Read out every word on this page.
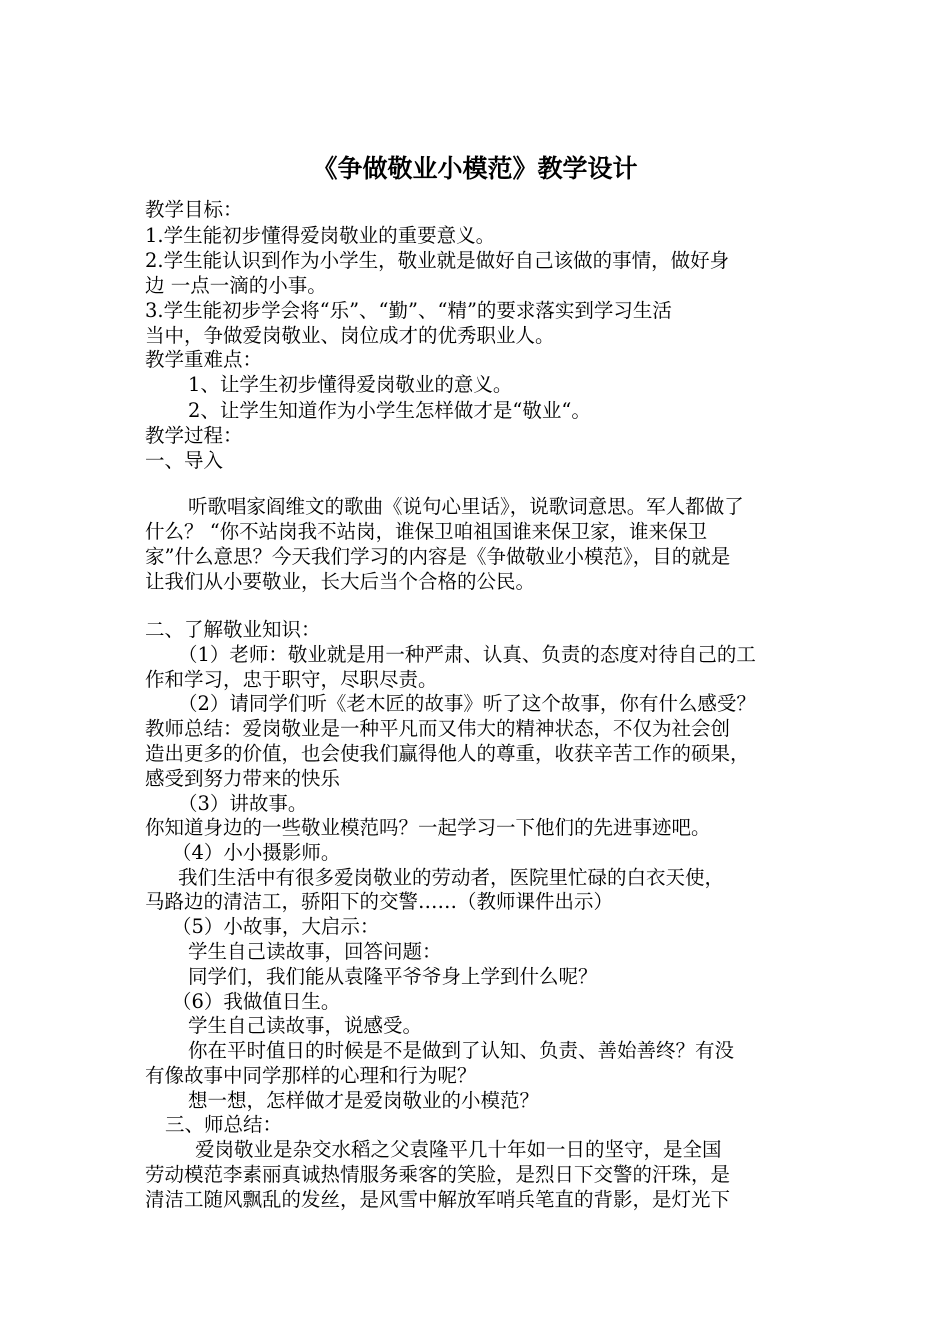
《争做敬业小模范》教学设计
教学目标：
1.学生能初步懂得爱岗敬业的重要意义。
2.学生能认识到作为小学生，敬业就是做好自己该做的事情，做好身
边 一点一滴的小事。
3.学生能初步学会将“乐”、“勤”、“精”的要求落实到学习生活
当中，争做爱岗敬业、岗位成才的优秀职业人。
教学重难点：
1、让学生初步懂得爱岗敬业的意义。
2、让学生知道作为小学生怎样做才是“敬业“。
教学过程：
一、导入
听歌唱家阎维文的歌曲《说句心里话》，说歌词意思。军人都做了
什么？ “你不站岗我不站岗，谁保卫咱祖国谁来保卫家，谁来保卫
家”什么意思？今天我们学习的内容是《争做敬业小模范》，目的就是
让我们从小要敬业，长大后当个合格的公民。
二、了解敬业知识：
（1）老师：敬业就是用一种严肃、认真、负责的态度对待自己的工
作和学习，忠于职守，尽职尽责。
（2）请同学们听《老木匠的故事》听了这个故事，你有什么感受？
教师总结：爱岗敬业是一种平凡而又伟大的精神状态，不仅为社会创
造出更多的价值，也会使我们赢得他人的尊重，收获辛苦工作的硕果，
感受到努力带来的快乐
（3）讲故事。
你知道身边的一些敬业模范吗？一起学习一下他们的先进事迹吧。
（4）小小摄影师。
我们生活中有很多爱岗敬业的劳动者，医院里忙碌的白衣天使，
马路边的清洁工，骄阳下的交警……（教师课件出示）
（5）小故事，大启示：
学生自己读故事，回答问题：
同学们，我们能从袁隆平爷爷身上学到什么呢？
（6）我做值日生。
学生自己读故事，说感受。
你在平时值日的时候是不是做到了认知、负责、善始善终？有没
有像故事中同学那样的心理和行为呢？
想一想，怎样做才是爱岗敬业的小模范？
三、师总结：
爱岗敬业是杂交水稻之父袁隆平几十年如一日的坚守，是全国
劳动模范李素丽真诚热情服务乘客的笑脸，是烈日下交警的汗珠，是
清洁工随风飘乱的发丝，是风雪中解放军哨兵笔直的背影，是灯光下
